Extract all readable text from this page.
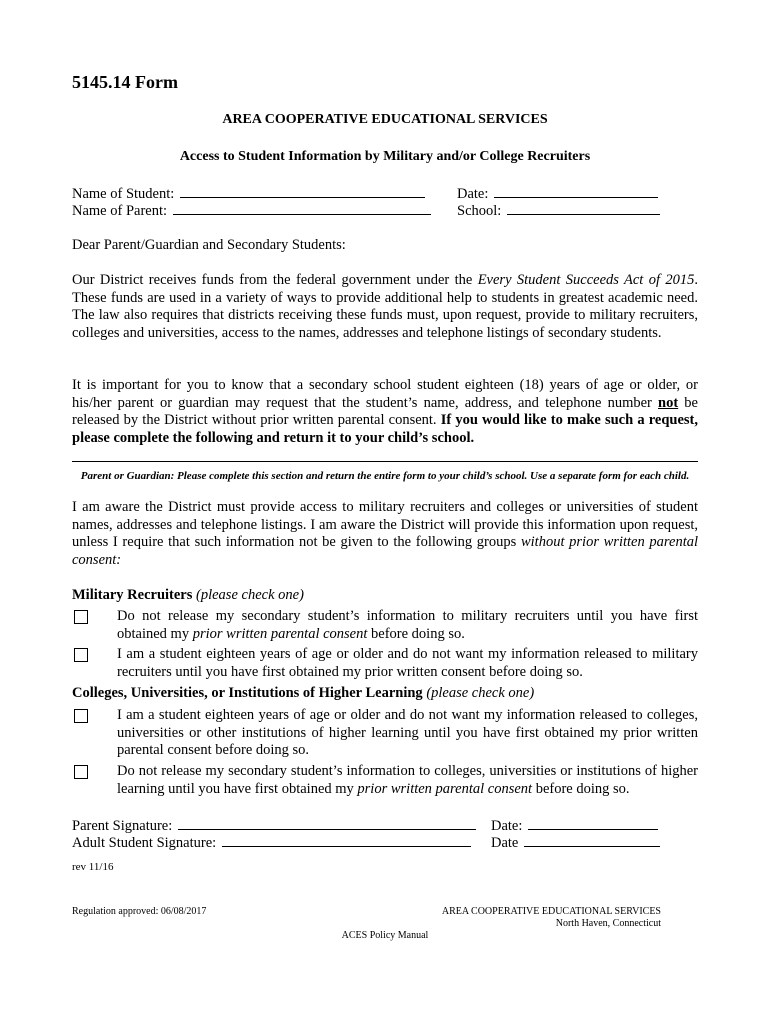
5145.14 Form
AREA COOPERATIVE EDUCATIONAL SERVICES
Access to Student Information by Military and/or College Recruiters
Name of Student:
Name of Parent:
Date:
School:
Dear Parent/Guardian and Secondary Students:
Our District receives funds from the federal government under the Every Student Succeeds Act of 2015. These funds are used in a variety of ways to provide additional help to students in greatest academic need. The law also requires that districts receiving these funds must, upon request, provide to military recruiters, colleges and universities, access to the names, addresses and telephone listings of secondary students.
It is important for you to know that a secondary school student eighteen (18) years of age or older, or his/her parent or guardian may request that the student’s name, address, and telephone number not be released by the District without prior written parental consent. If you would like to make such a request, please complete the following and return it to your child’s school.
Parent or Guardian: Please complete this section and return the entire form to your child’s school. Use a separate form for each child.
I am aware the District must provide access to military recruiters and colleges or universities of student names, addresses and telephone listings. I am aware the District will provide this information upon request, unless I require that such information not be given to the following groups without prior written parental consent:
Military Recruiters (please check one)
Do not release my secondary student’s information to military recruiters until you have first obtained my prior written parental consent before doing so.
I am a student eighteen years of age or older and do not want my information released to military recruiters until you have first obtained my prior written consent before doing so.
Colleges, Universities, or Institutions of Higher Learning (please check one)
I am a student eighteen years of age or older and do not want my information released to colleges, universities or other institutions of higher learning until you have first obtained my prior written parental consent before doing so.
Do not release my secondary student’s information to colleges, universities or institutions of higher learning until you have first obtained my prior written parental consent before doing so.
Parent Signature:
Adult Student Signature:
Date:
Date
rev 11/16
Regulation approved: 06/08/2017	AREA COOPERATIVE EDUCATIONAL SERVICES
North Haven, Connecticut
ACES Policy Manual
